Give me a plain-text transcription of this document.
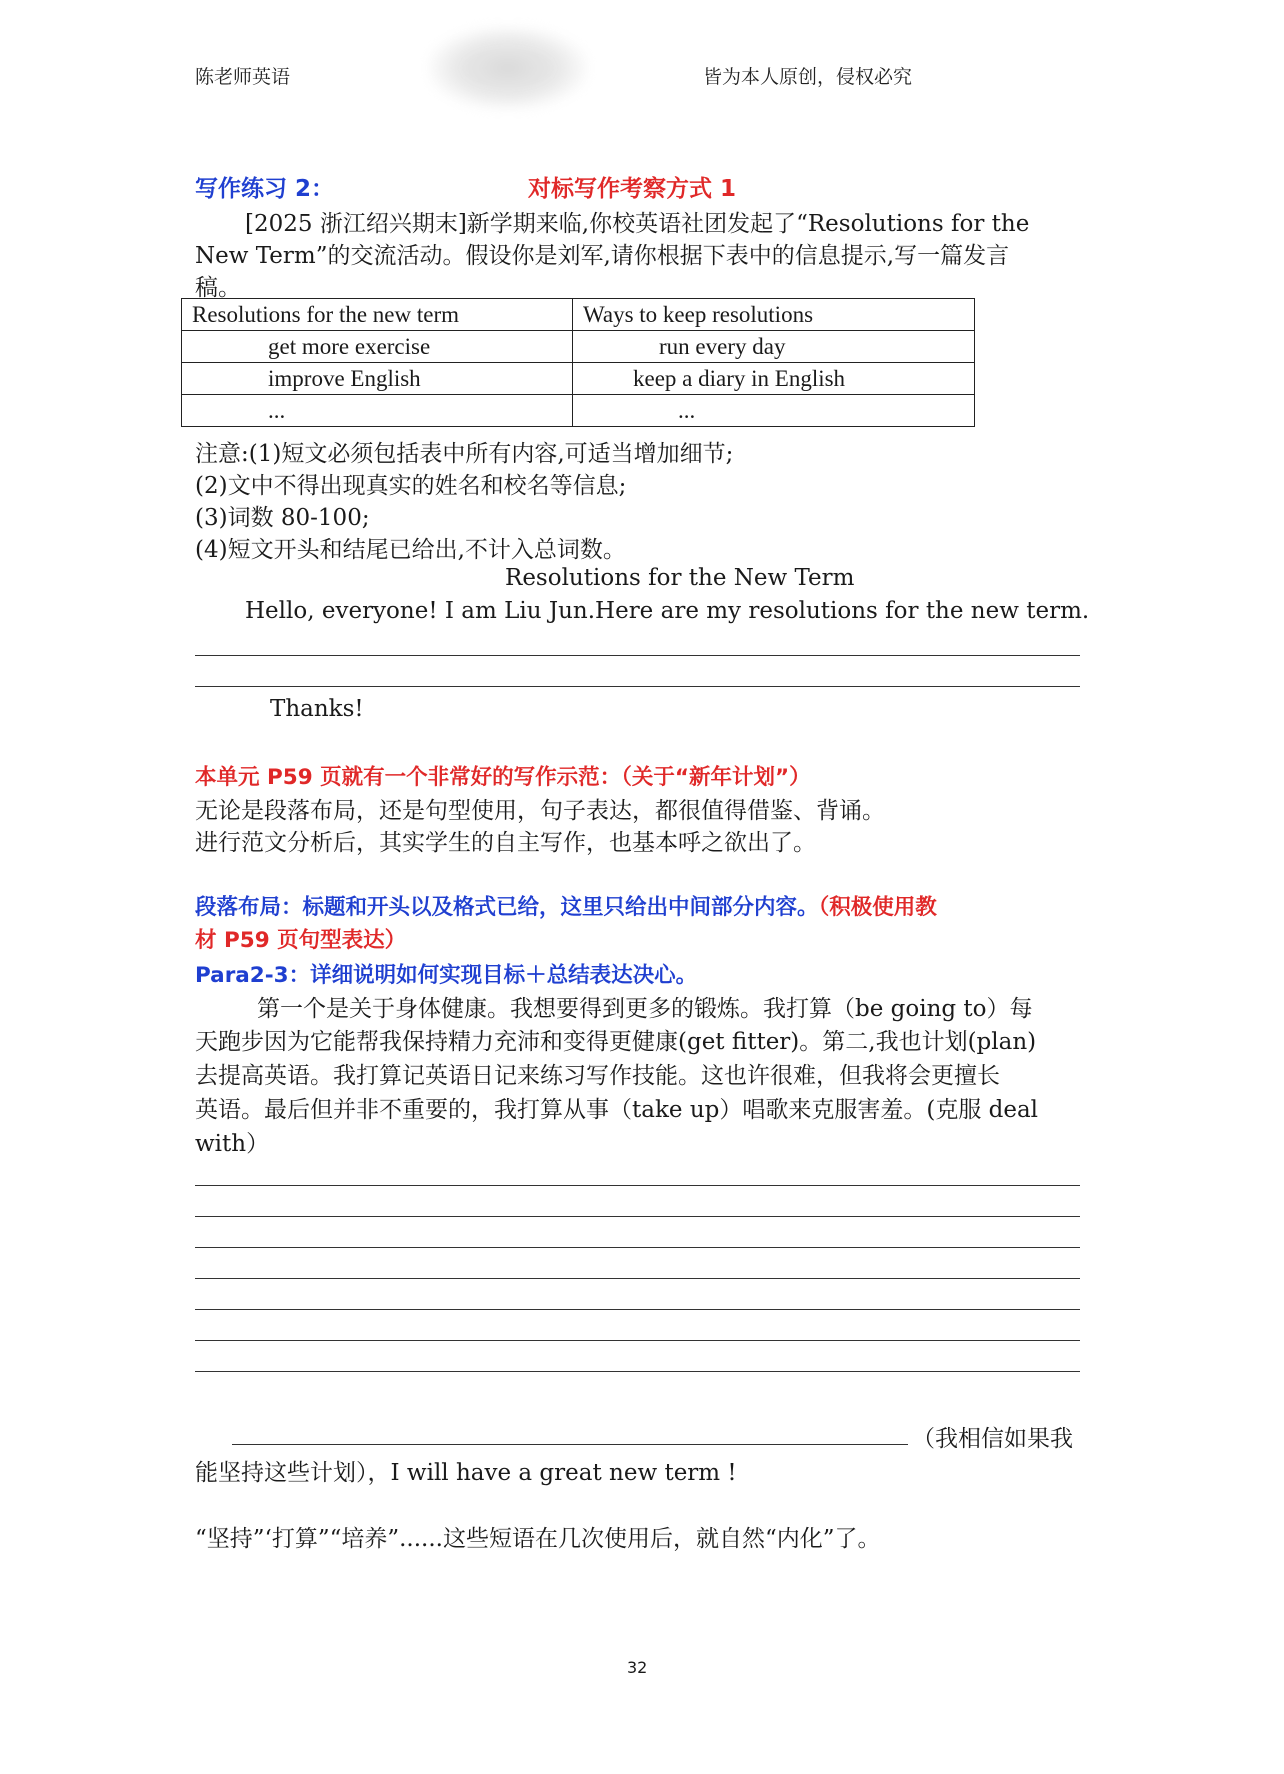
陈老师英语	皆为本人原创，侵权必究
写作练习 2：	对标写作考察方式 1
[2025 浙江绍兴期末]新学期来临,你校英语社团发起了“Resolutions for the
New Term”的交流活动。假设你是刘军,请你根据下表中的信息提示,写一篇发言
稿。
Resolutions for the new term	Ways to keep resolutions
get more exercise	run every day
improve English	keep a diary in English
...	...
注意:(1)短文必须包括表中所有内容,可适当增加细节;
(2)文中不得出现真实的姓名和校名等信息;
(3)词数 80-100;
(4)短文开头和结尾已给出,不计入总词数。
Resolutions for the New Term
Hello, everyone! I am Liu Jun.Here are my resolutions for the new term.
Thanks!
本单元 P59 页就有一个非常好的写作示范：（关于“新年计划”）
无论是段落布局，还是句型使用，句子表达，都很值得借鉴、背诵。
进行范文分析后，其实学生的自主写作，也基本呼之欲出了。
段落布局：标题和开头以及格式已给，这里只给出中间部分内容。（积极使用教
材 P59 页句型表达）
Para2-3：详细说明如何实现目标＋总结表达决心。
第一个是关于身体健康。我想要得到更多的锻炼。我打算（be going to）每
天跑步因为它能帮我保持精力充沛和变得更健康(get fitter)。第二,我也计划(plan)
去提高英语。我打算记英语日记来练习写作技能。这也许很难，但我将会更擅长
英语。最后但并非不重要的，我打算从事（take up）唱歌来克服害羞。(克服 deal
with）
（我相信如果我
能坚持这些计划），I will have a great new term !
“坚持”‘打算”“培养”......这些短语在几次使用后，就自然“内化”了。
32
